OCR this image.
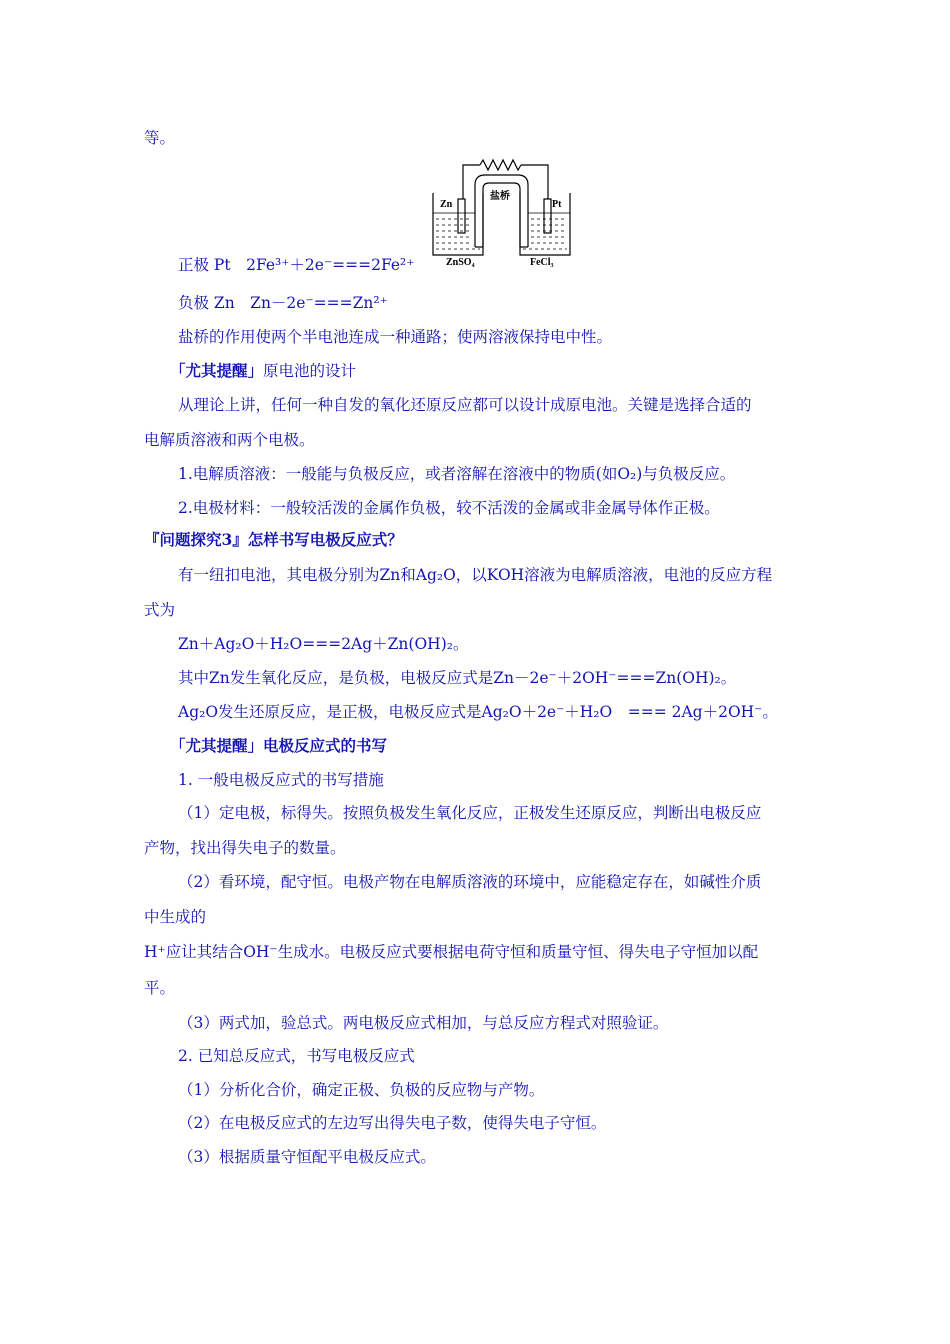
等。
盐桥
Zn	Pt
ZnSO₄	FeCl₃
正极 Pt　2Fe³⁺＋2e⁻===2Fe²⁺
负极 Zn　Zn－2e⁻===Zn²⁺
盐桥的作用使两个半电池连成一种通路；使两溶液保持电中性。
「尤其提醒」原电池的设计
从理论上讲，任何一种自发的氧化还原反应都可以设计成原电池。关键是选择合适的
电解质溶液和两个电极。
1.电解质溶液：一般能与负极反应，或者溶解在溶液中的物质(如O₂)与负极反应。
2.电极材料：一般较活泼的金属作负极，较不活泼的金属或非金属导体作正极。
『问题探究3』怎样书写电极反应式？
有一纽扣电池，其电极分别为Zn和Ag₂O，以KOH溶液为电解质溶液，电池的反应方程
式为
Zn＋Ag₂O＋H₂O===2Ag＋Zn(OH)₂。
其中Zn发生氧化反应，是负极，电极反应式是Zn－2e⁻＋2OH⁻===Zn(OH)₂。
Ag₂O发生还原反应，是正极，电极反应式是Ag₂O＋2e⁻＋H₂O　=== 2Ag＋2OH⁻。
「尤其提醒」电极反应式的书写
1. 一般电极反应式的书写措施
（1）定电极，标得失。按照负极发生氧化反应，正极发生还原反应，判断出电极反应
产物，找出得失电子的数量。
（2）看环境，配守恒。电极产物在电解质溶液的环境中，应能稳定存在，如碱性介质
中生成的
H⁺应让其结合OH⁻生成水。电极反应式要根据电荷守恒和质量守恒、得失电子守恒加以配
平。
（3）两式加，验总式。两电极反应式相加，与总反应方程式对照验证。
2. 已知总反应式，书写电极反应式
（1）分析化合价，确定正极、负极的反应物与产物。
（2）在电极反应式的左边写出得失电子数，使得失电子守恒。
（3）根据质量守恒配平电极反应式。
